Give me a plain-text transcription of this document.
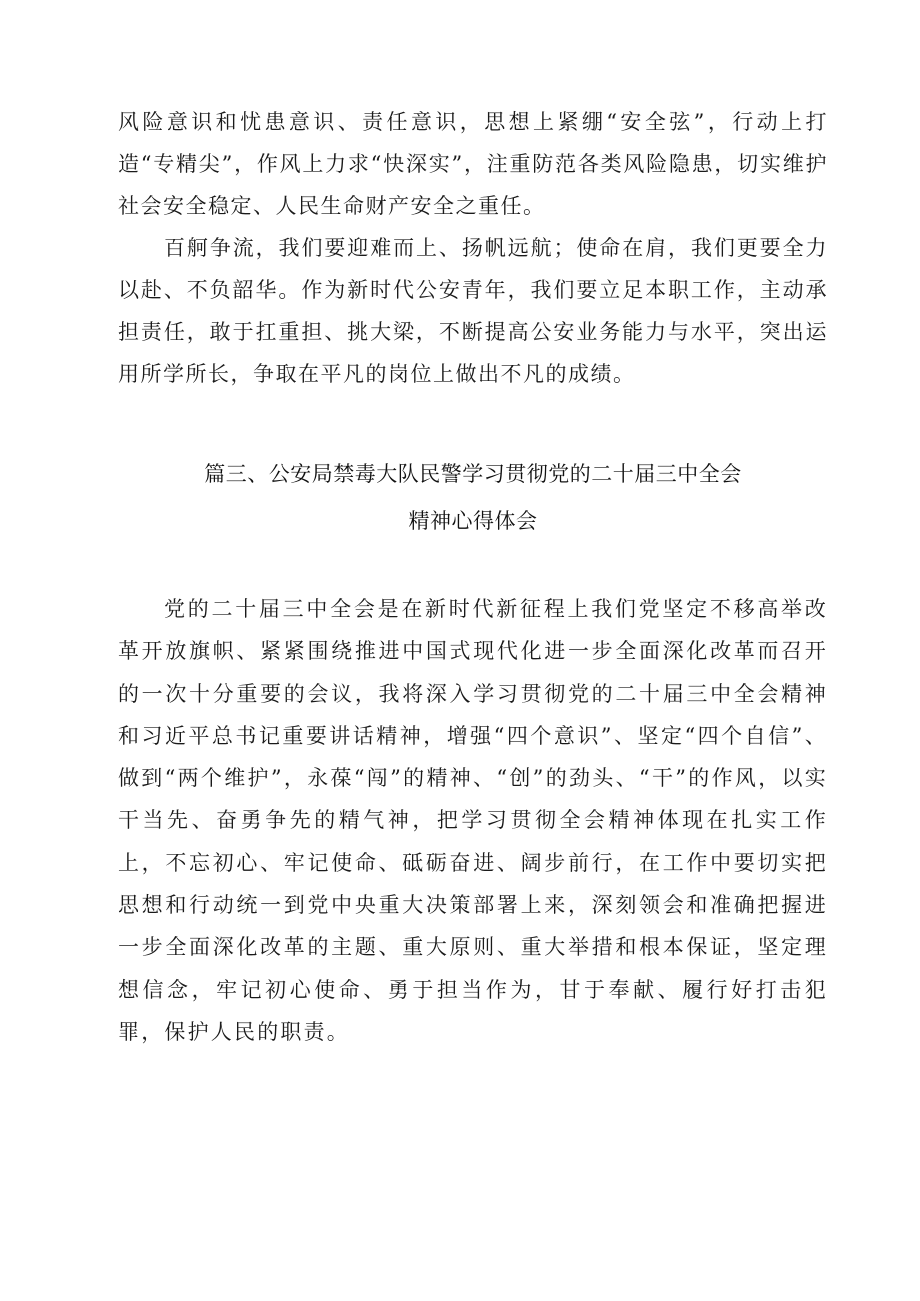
风险意识和忧患意识、责任意识，思想上紧绷“安全弦”，行动上打造“专精尖”，作风上力求“快深实”，注重防范各类风险隐患，切实维护社会安全稳定、人民生命财产安全之重任。

百舸争流，我们要迎难而上、扬帆远航；使命在肩，我们更要全力以赴、不负韶华。作为新时代公安青年，我们要立足本职工作，主动承担责任，敢于扛重担、挑大梁，不断提高公安业务能力与水平，突出运用所学所长，争取在平凡的岗位上做出不凡的成绩。

篇三、公安局禁毒大队民警学习贯彻党的二十届三中全会

精神心得体会

党的二十届三中全会是在新时代新征程上我们党坚定不移高举改革开放旗帜、紧紧围绕推进中国式现代化进一步全面深化改革而召开的一次十分重要的会议，我将深入学习贯彻党的二十届三中全会精神和习近平总书记重要讲话精神，增强“四个意识”、坚定“四个自信”、做到“两个维护”，永葆“闯”的精神、“创”的劲头、“干”的作风，以实干当先、奋勇争先的精气神，把学习贯彻全会精神体现在扎实工作上，不忘初心、牢记使命、砥砺奋进、阔步前行，在工作中要切实把思想和行动统一到党中央重大决策部署上来，深刻领会和准确把握进一步全面深化改革的主题、重大原则、重大举措和根本保证，坚定理想信念，牢记初心使命、勇于担当作为，甘于奉献、履行好打击犯罪，保护人民的职责。
